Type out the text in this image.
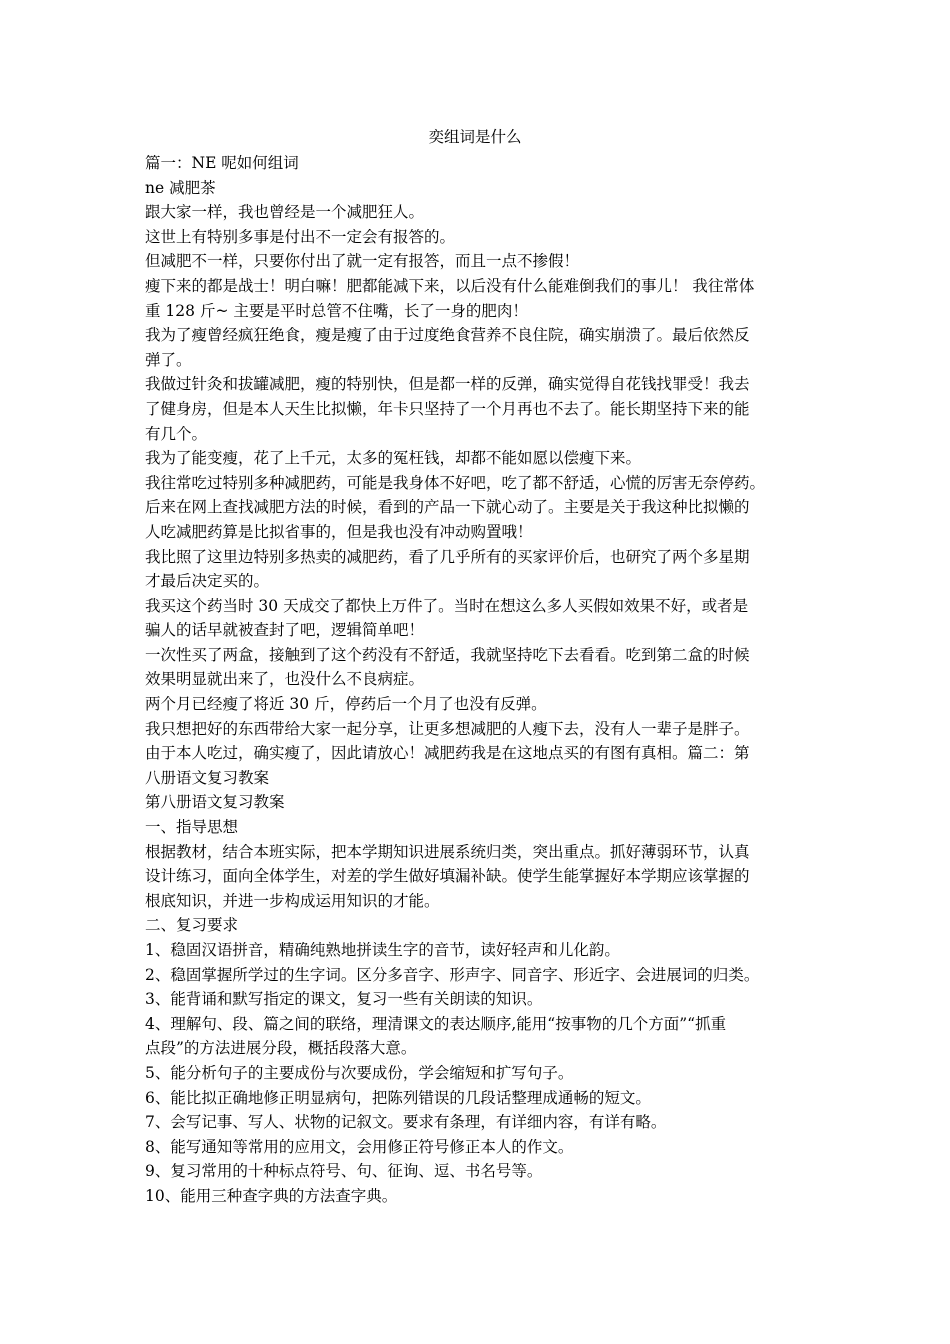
奕组词是什么

篇一：NE 呢如何组词

ne 减肥茶

跟大家一样，我也曾经是一个减肥狂人。

这世上有特别多事是付出不一定会有报答的。

但减肥不一样，只要你付出了就一定有报答，而且一点不掺假！

瘦下来的都是战士！明白嘛！肥都能减下来，以后没有什么能难倒我们的事儿！ 我往常体

重 128 斤~ 主要是平时总管不住嘴，长了一身的肥肉！

我为了瘦曾经疯狂绝食，瘦是瘦了由于过度绝食营养不良住院，确实崩溃了。最后依然反

弹了。

我做过针灸和拔罐减肥，瘦的特别快，但是都一样的反弹，确实觉得自花钱找罪受！我去

了健身房，但是本人天生比拟懒，年卡只坚持了一个月再也不去了。能长期坚持下来的能

有几个。

我为了能变瘦，花了上千元，太多的冤枉钱，却都不能如愿以偿瘦下来。

我往常吃过特别多种减肥药，可能是我身体不好吧，吃了都不舒适，心慌的厉害无奈停药。

后来在网上查找减肥方法的时候，看到的产品一下就心动了。主要是关于我这种比拟懒的

人吃减肥药算是比拟省事的，但是我也没有冲动购置哦！

我比照了这里边特别多热卖的减肥药，看了几乎所有的买家评价后，也研究了两个多星期

才最后决定买的。

我买这个药当时 30 天成交了都快上万件了。当时在想这么多人买假如效果不好，或者是

骗人的话早就被查封了吧，逻辑简单吧！

一次性买了两盒，接触到了这个药没有不舒适，我就坚持吃下去看看。吃到第二盒的时候

效果明显就出来了，也没什么不良病症。

两个月已经瘦了将近 30 斤，停药后一个月了也没有反弹。

我只想把好的东西带给大家一起分享，让更多想减肥的人瘦下去，没有人一辈子是胖子。

由于本人吃过，确实瘦了，因此请放心！减肥药我是在这地点买的有图有真相。篇二：第

八册语文复习教案

第八册语文复习教案

一、指导思想

根据教材，结合本班实际，把本学期知识进展系统归类，突出重点。抓好薄弱环节，认真

设计练习，面向全体学生，对差的学生做好填漏补缺。使学生能掌握好本学期应该掌握的

根底知识，并进一步构成运用知识的才能。

二、复习要求

1、稳固汉语拼音，精确纯熟地拼读生字的音节，读好轻声和儿化韵。

2、稳固掌握所学过的生字词。区分多音字、形声字、同音字、形近字、会进展词的归类。

3、能背诵和默写指定的课文，复习一些有关朗读的知识。

4、理解句、段、篇之间的联络，理清课文的表达顺序,能用“按事物的几个方面”“抓重

点段”的方法进展分段，概括段落大意。

5、能分析句子的主要成份与次要成份，学会缩短和扩写句子。

6、能比拟正确地修正明显病句，把陈列错误的几段话整理成通畅的短文。

7、会写记事、写人、状物的记叙文。要求有条理，有详细内容，有详有略。

8、能写通知等常用的应用文，会用修正符号修正本人的作文。

9、复习常用的十种标点符号、句、征询、逗、书名号等。

10、能用三种查字典的方法查字典。
